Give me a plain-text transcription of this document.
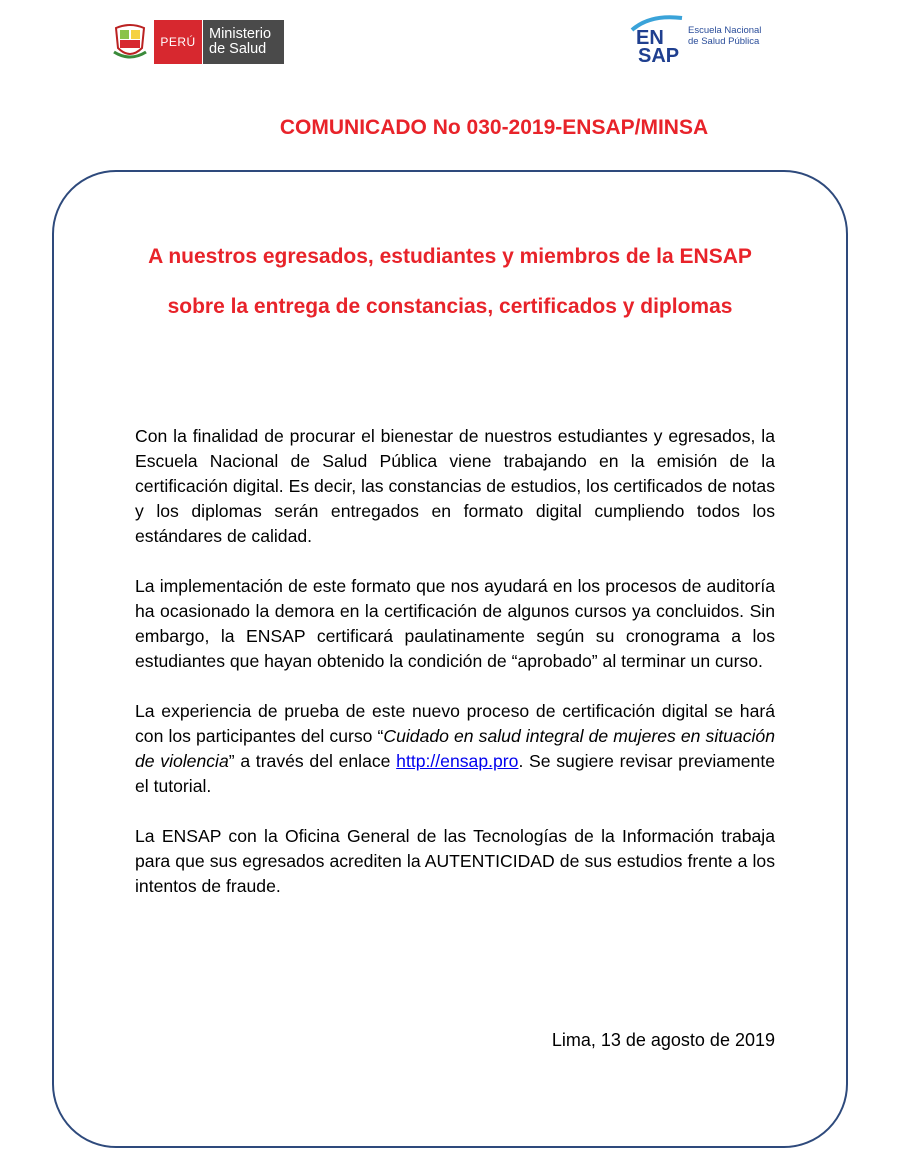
PERÚ Ministerio
de Salud	EN
SAP
Escuela Nacional
de Salud Pública
COMUNICADO No 030-2019-ENSAP/MINSA
A nuestros egresados, estudiantes y miembros de la ENSAP sobre la entrega de constancias, certificados y diplomas

Con la finalidad de procurar el bienestar de nuestros estudiantes y egresados, la Escuela Nacional de Salud Pública viene trabajando en la emisión de la certificación digital. Es decir, las constancias de estudios, los certificados de notas y los diplomas serán entregados en formato digital cumpliendo todos los estándares de calidad.

La implementación de este formato que nos ayudará en los procesos de auditoría ha ocasionado la demora en la certificación de algunos cursos ya concluidos. Sin embargo, la ENSAP certificará paulatinamente según su cronograma a los estudiantes que hayan obtenido la condición de “aprobado” al terminar un curso.

La experiencia de prueba de este nuevo proceso de certificación digital se hará con los participantes del curso “Cuidado en salud integral de mujeres en situación de violencia” a través del enlace http://ensap.pro. Se sugiere revisar previamente el tutorial.

La ENSAP con la Oficina General de las Tecnologías de la Información trabaja para que sus egresados acrediten la AUTENTICIDAD de sus estudios frente a los intentos de fraude.

Lima, 13 de agosto de 2019
